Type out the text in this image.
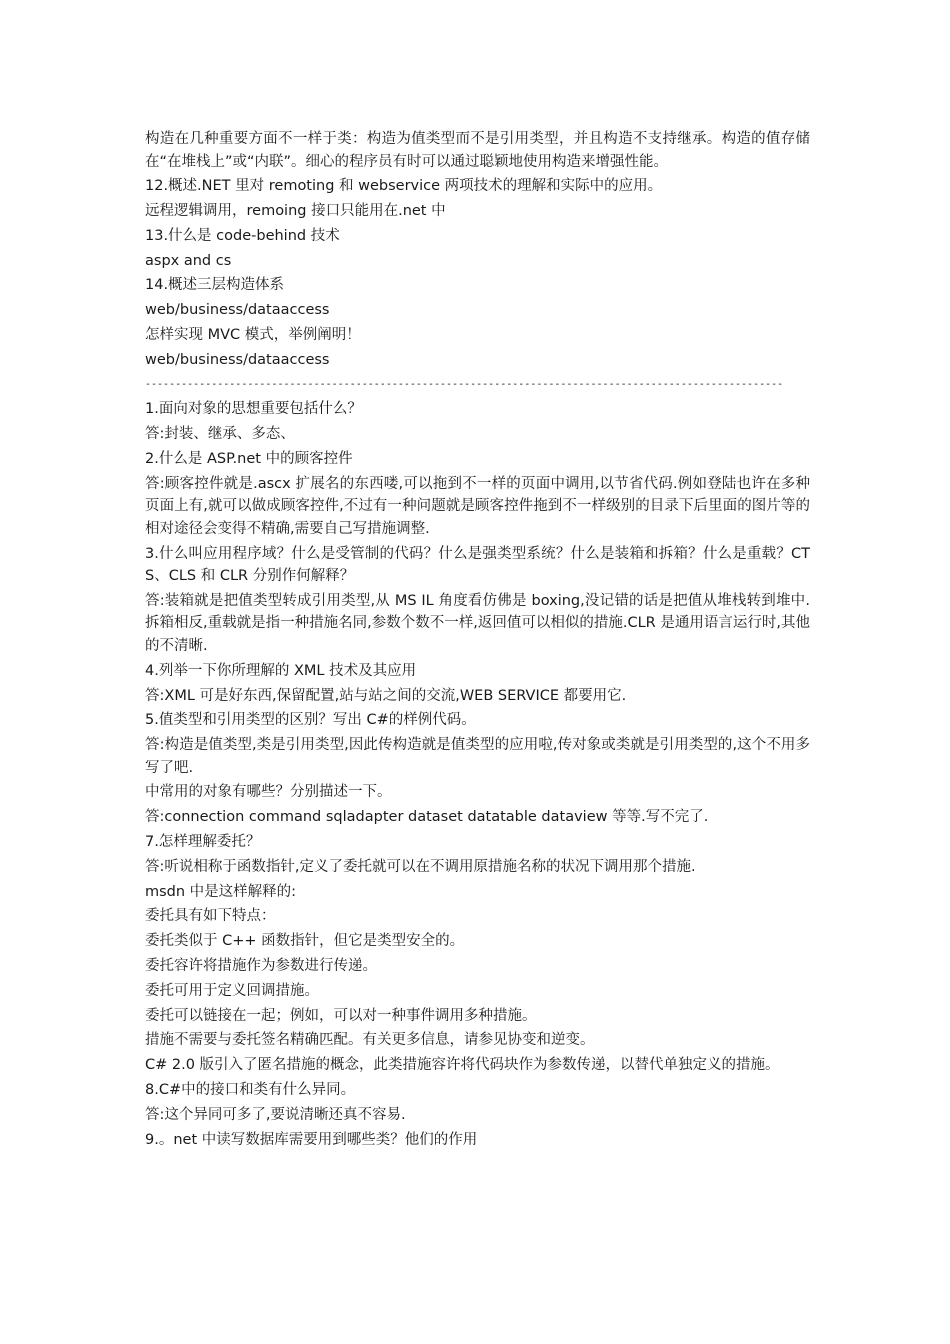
构造在几种重要方面不一样于类：构造为值类型而不是引用类型，并且构造不支持继承。构造的值存储在“在堆栈上”或“内联”。细心的程序员有时可以通过聪颖地使用构造来增强性能。

12.概述.NET 里对 remoting 和 webservice 两项技术的理解和实际中的应用。

远程逻辑调用，remoing 接口只能用在.net 中

13.什么是 code-behind 技术

aspx and cs

14.概述三层构造体系

web/business/dataaccess

怎样实现 MVC 模式，举例阐明！

web/business/dataaccess

----------------------------------------------------------------------------------------------------------

1.面向对象的思想重要包括什么？

答:封装、继承、多态、

2.什么是 ASP.net 中的顾客控件

答:顾客控件就是.ascx 扩展名的东西喽,可以拖到不一样的页面中调用,以节省代码.例如登陆也许在多种页面上有,就可以做成顾客控件,不过有一种问题就是顾客控件拖到不一样级别的目录下后里面的图片等的相对途径会变得不精确,需要自己写措施调整.

3.什么叫应用程序域？什么是受管制的代码？什么是强类型系统？什么是装箱和拆箱？什么是重载？CTS、CLS 和 CLR 分别作何解释？

答:装箱就是把值类型转成引用类型,从 MS IL 角度看仿佛是 boxing,没记错的话是把值从堆栈转到堆中.拆箱相反,重载就是指一种措施名同,参数个数不一样,返回值可以相似的措施.CLR 是通用语言运行时,其他的不清晰.

4.列举一下你所理解的 XML 技术及其应用

答:XML 可是好东西,保留配置,站与站之间的交流,WEB SERVICE 都要用它.

5.值类型和引用类型的区别？写出 C#的样例代码。

答:构造是值类型,类是引用类型,因此传构造就是值类型的应用啦,传对象或类就是引用类型的,这个不用多写了吧.

中常用的对象有哪些？分别描述一下。

答:connection command sqladapter dataset datatable dataview 等等.写不完了.

7.怎样理解委托？

答:听说相称于函数指针,定义了委托就可以在不调用原措施名称的状况下调用那个措施.

msdn 中是这样解释的:

委托具有如下特点：

委托类似于 C++ 函数指针，但它是类型安全的。

委托容许将措施作为参数进行传递。

委托可用于定义回调措施。

委托可以链接在一起；例如，可以对一种事件调用多种措施。

措施不需要与委托签名精确匹配。有关更多信息，请参见协变和逆变。

C# 2.0 版引入了匿名措施的概念，此类措施容许将代码块作为参数传递，以替代单独定义的措施。

8.C#中的接口和类有什么异同。

答:这个异同可多了,要说清晰还真不容易.

9.。net 中读写数据库需要用到哪些类？他们的作用
